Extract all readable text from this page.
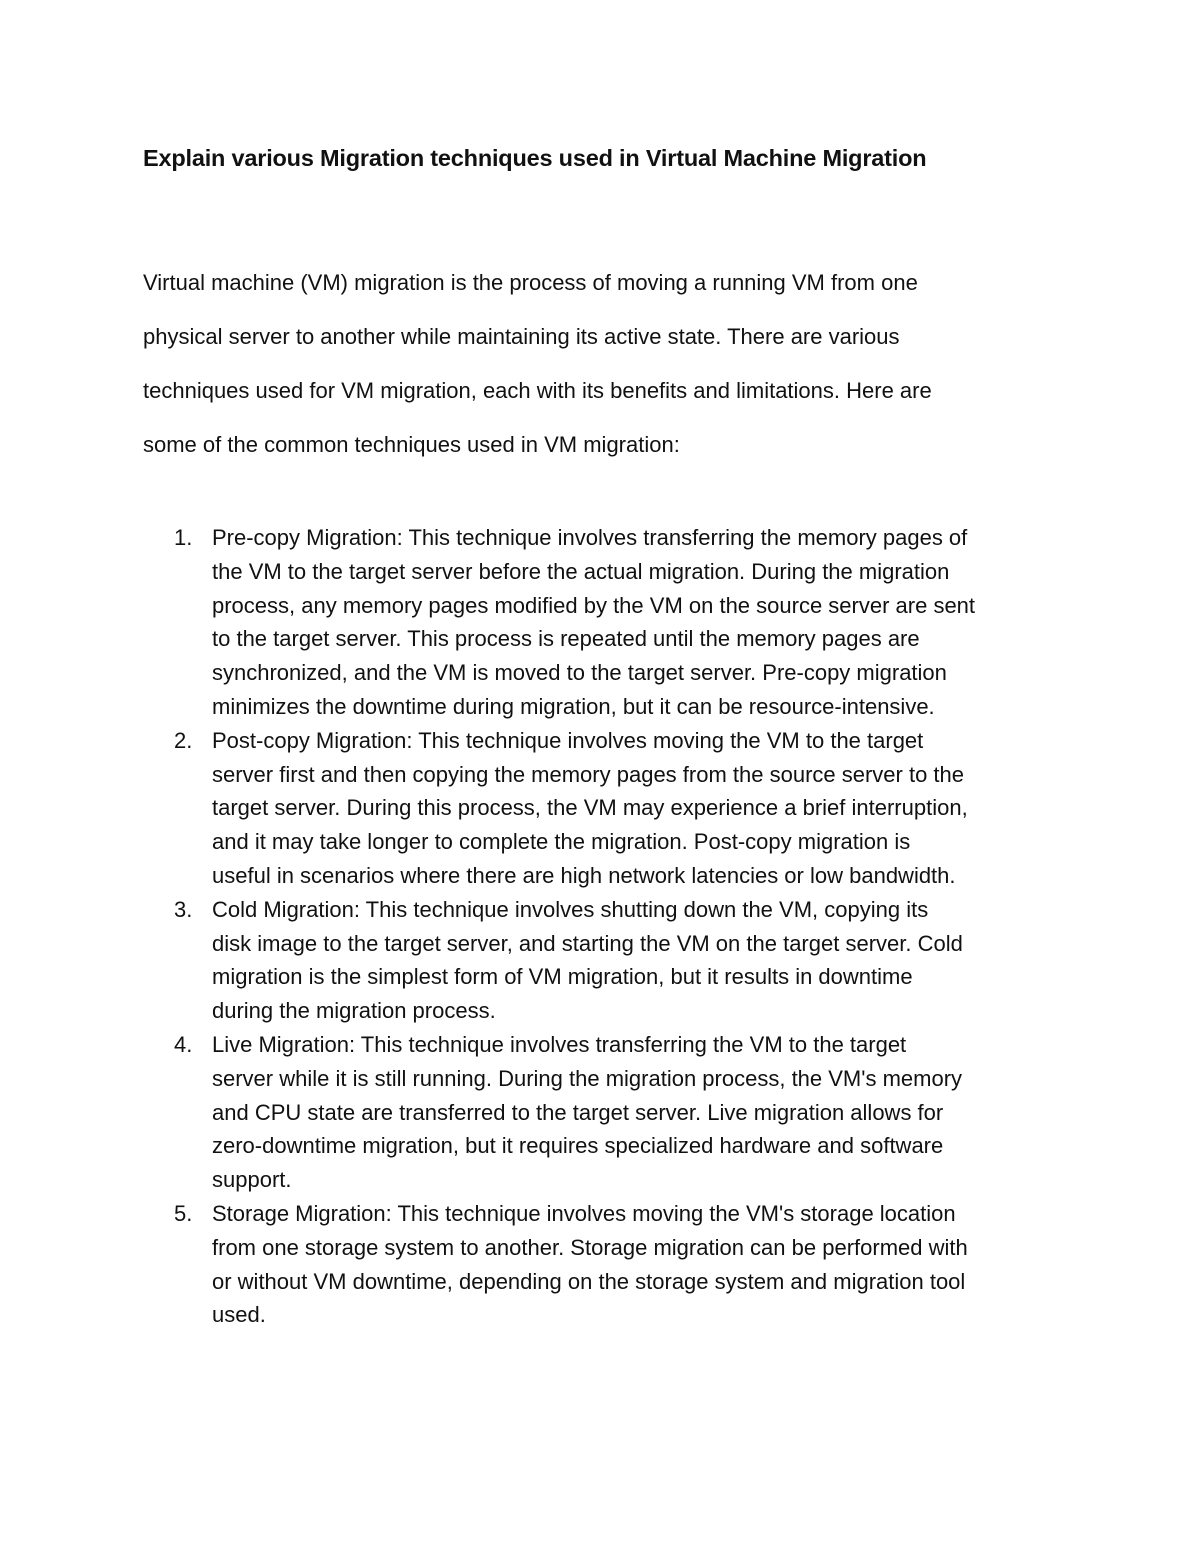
Explain various Migration techniques used in Virtual Machine Migration

Virtual machine (VM) migration is the process of moving a running VM from one
physical server to another while maintaining its active state. There are various
techniques used for VM migration, each with its benefits and limitations. Here are
some of the common techniques used in VM migration:

1. Pre-copy Migration: This technique involves transferring the memory pages of
the VM to the target server before the actual migration. During the migration
process, any memory pages modified by the VM on the source server are sent
to the target server. This process is repeated until the memory pages are
synchronized, and the VM is moved to the target server. Pre-copy migration
minimizes the downtime during migration, but it can be resource-intensive.
2. Post-copy Migration: This technique involves moving the VM to the target
server first and then copying the memory pages from the source server to the
target server. During this process, the VM may experience a brief interruption,
and it may take longer to complete the migration. Post-copy migration is
useful in scenarios where there are high network latencies or low bandwidth.
3. Cold Migration: This technique involves shutting down the VM, copying its
disk image to the target server, and starting the VM on the target server. Cold
migration is the simplest form of VM migration, but it results in downtime
during the migration process.
4. Live Migration: This technique involves transferring the VM to the target
server while it is still running. During the migration process, the VM's memory
and CPU state are transferred to the target server. Live migration allows for
zero-downtime migration, but it requires specialized hardware and software
support.
5. Storage Migration: This technique involves moving the VM's storage location
from one storage system to another. Storage migration can be performed with
or without VM downtime, depending on the storage system and migration tool
used.
